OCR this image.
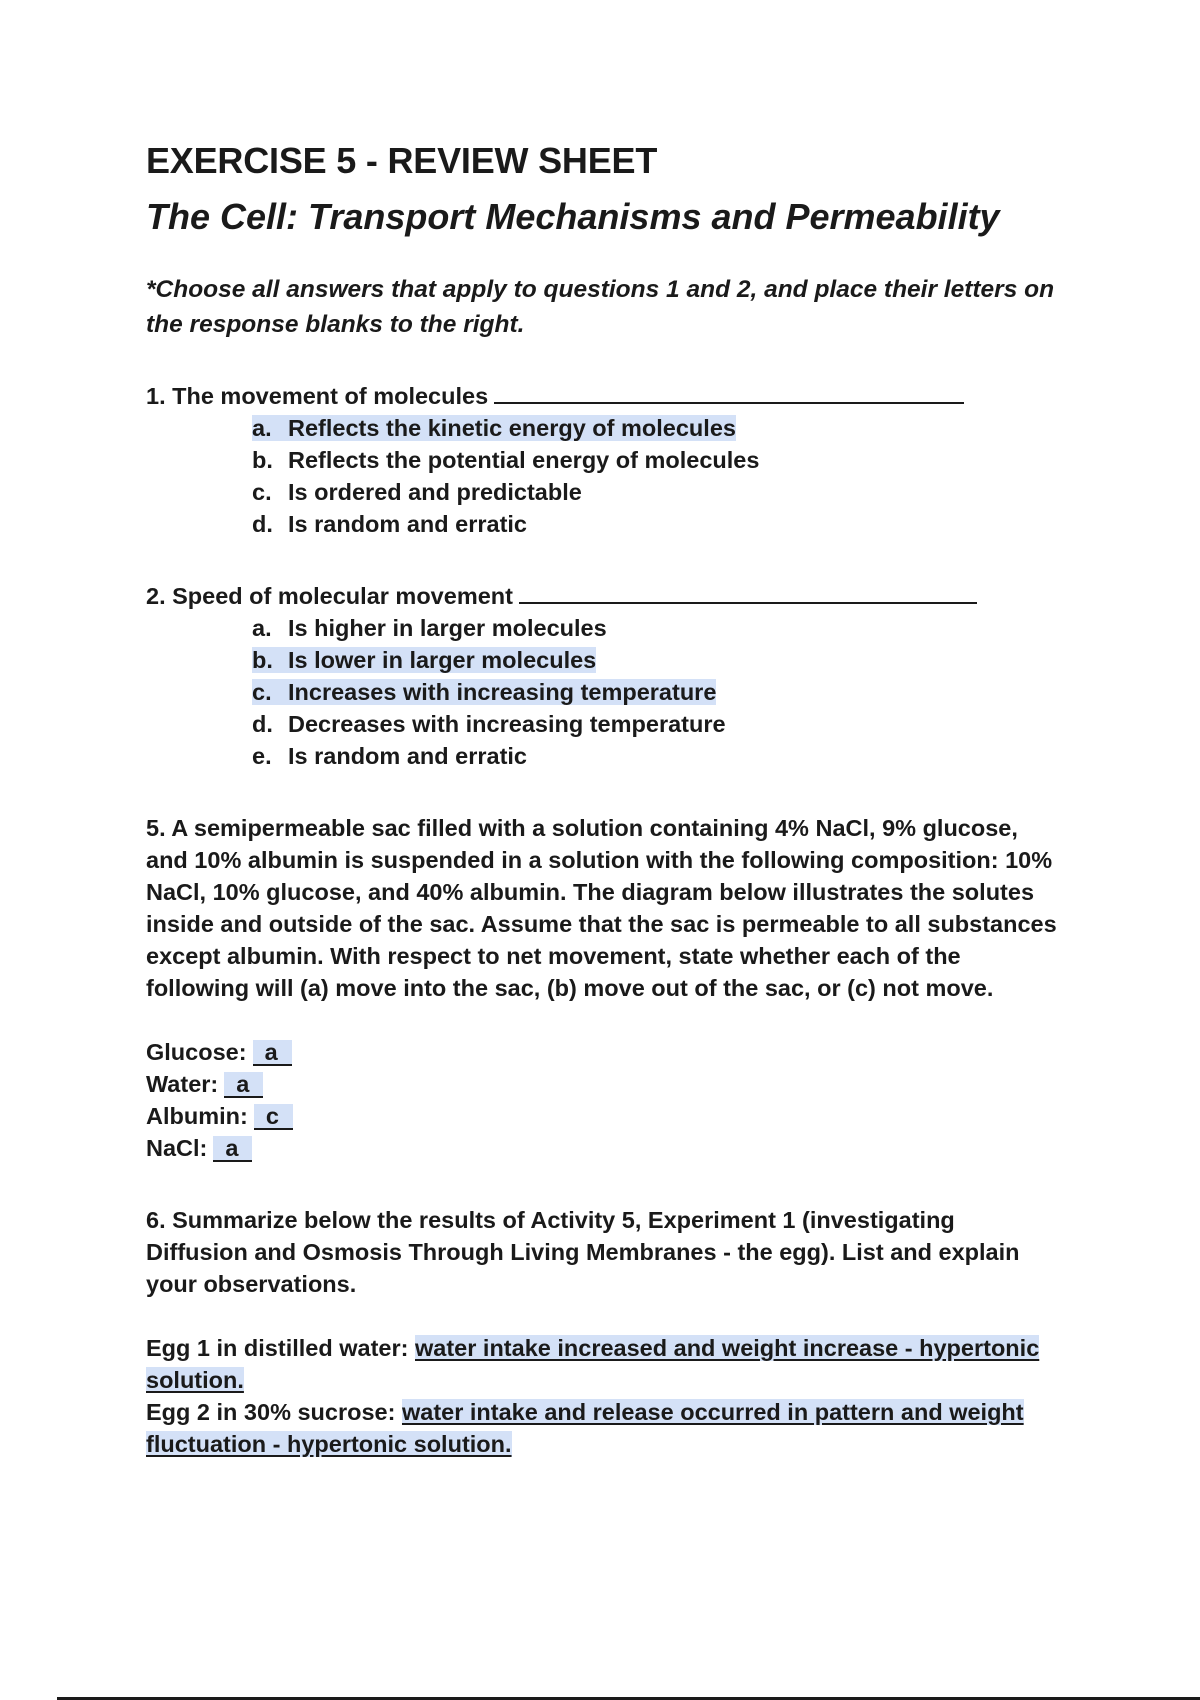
EXERCISE 5 - REVIEW SHEET
The Cell: Transport Mechanisms and Permeability
*Choose all answers that apply to questions 1 and 2, and place their letters on the response blanks to the right.
1. The movement of molecules
a. Reflects the kinetic energy of molecules
b. Reflects the potential energy of molecules
c. Is ordered and predictable
d. Is random and erratic
2. Speed of molecular movement
a. Is higher in larger molecules
b. Is lower in larger molecules
c. Increases with increasing temperature
d. Decreases with increasing temperature
e. Is random and erratic
5. A semipermeable sac filled with a solution containing 4% NaCl, 9% glucose,
and 10% albumin is suspended in a solution with the following composition: 10%
NaCl, 10% glucose, and 40% albumin. The diagram below illustrates the solutes
inside and outside of the sac. Assume that the sac is permeable to all substances
except albumin. With respect to net movement, state whether each of the
following will (a) move into the sac, (b) move out of the sac, or (c) not move.
Glucose: a
Water: a
Albumin: c
NaCl: a
6. Summarize below the results of Activity 5, Experiment 1 (investigating
Diffusion and Osmosis Through Living Membranes - the egg). List and explain
your observations.
Egg 1 in distilled water: water intake increased and weight increase - hypertonic
solution.
Egg 2 in 30% sucrose: water intake and release occurred in pattern and weight
fluctuation - hypertonic solution.
